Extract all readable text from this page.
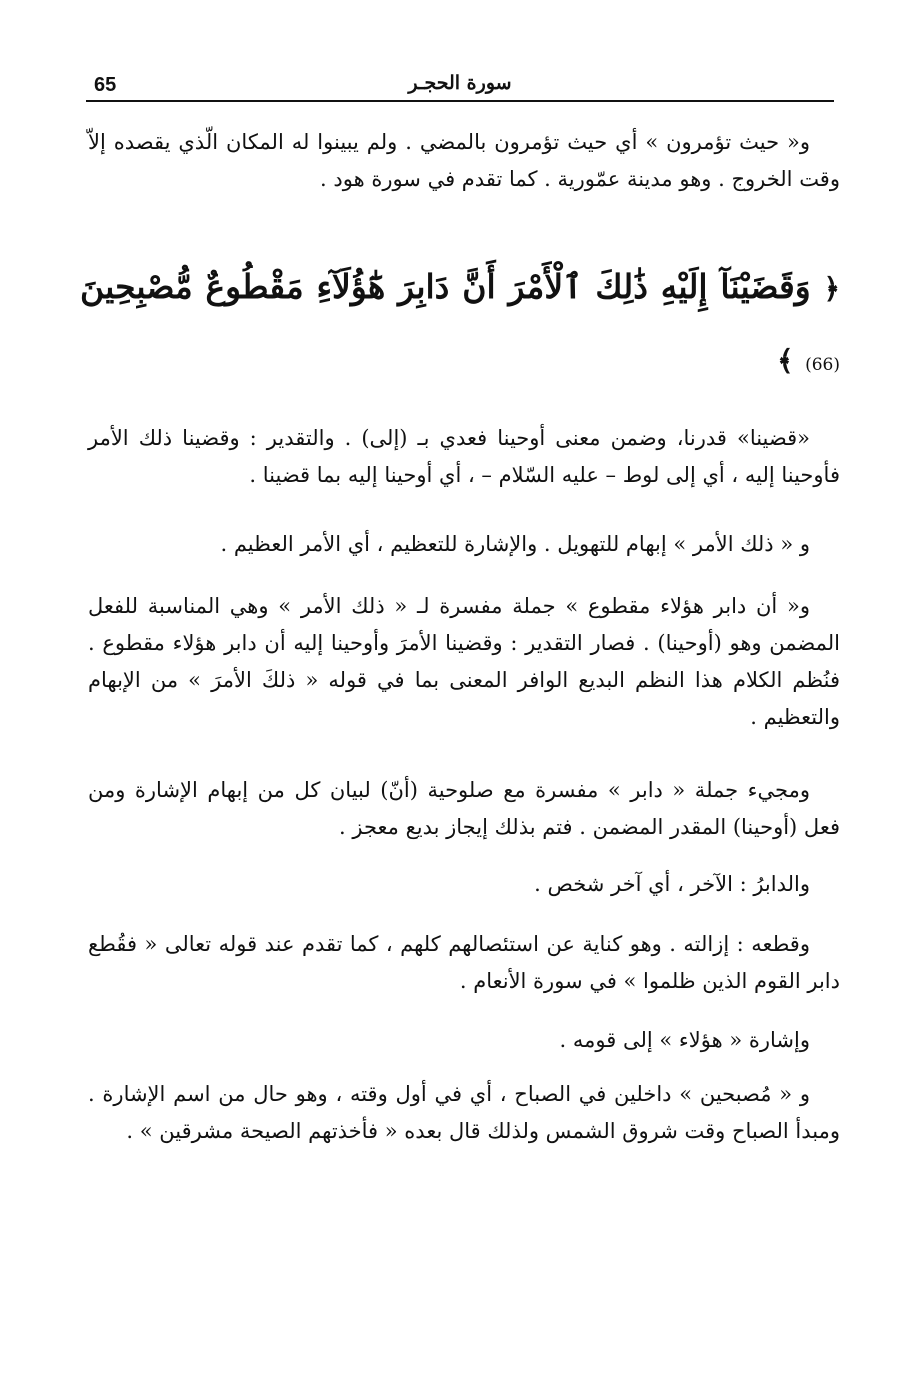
65	سورة الحجـر

و« حيث تؤمرون » أي حيث تؤمرون بالمضي . ولم يبينوا له المكان الّذي يقصده إلاّ وقت الخروج . وهو مدينة عمّورية . كما تقدم في سورة هود .

﴿ وَقَضَيْنَآ إِلَيْهِ ذَٰلِكَ ٱلْأَمْرَ أَنَّ دَابِرَ هَٰٓؤُلَآءِ مَقْطُوعٌ مُّصْبِحِينَ (66) ﴾

«قضينا» قدرنا، وضمن معنى أوحينا فعدي بـ (إلى) . والتقدير : وقضينا ذلك الأمر فأوحينا إليه ، أي إلى لوط – عليه السّلام – ، أي أوحينا إليه بما قضينا .

و « ذلك الأمر » إبهام للتهويل . والإشارة للتعظيم ، أي الأمر العظيم .

و« أن دابر هؤلاء مقطوع » جملة مفسرة لـ « ذلك الأمر » وهي المناسبة للفعل المضمن وهو (أوحينا) . فصار التقدير : وقضينا الأمرَ وأوحينا إليه أن دابر هؤلاء مقطوع . فنُظم الكلام هذا النظم البديع الوافر المعنى بما في قوله « ذلكَ الأمرَ » من الإبهام والتعظيم .

ومجيء جملة « دابر » مفسرة مع صلوحية (أنّ) لبيان كل من إبهام الإشارة ومن فعل (أوحينا) المقدر المضمن . فتم بذلك إيجاز بديع معجز .

والدابرُ : الآخر ، أي آخر شخص .

وقطعه : إزالته . وهو كناية عن استئصالهم كلهم ، كما تقدم عند قوله تعالى « فقُطع دابر القوم الذين ظلموا » في سورة الأنعام .

وإشارة « هؤلاء » إلى قومه .

و « مُصبحين » داخلين في الصباح ، أي في أول وقته ، وهو حال من اسم الإشارة . ومبدأ الصباح وقت شروق الشمس ولذلك قال بعده « فأخذتهم الصيحة مشرقين » .
